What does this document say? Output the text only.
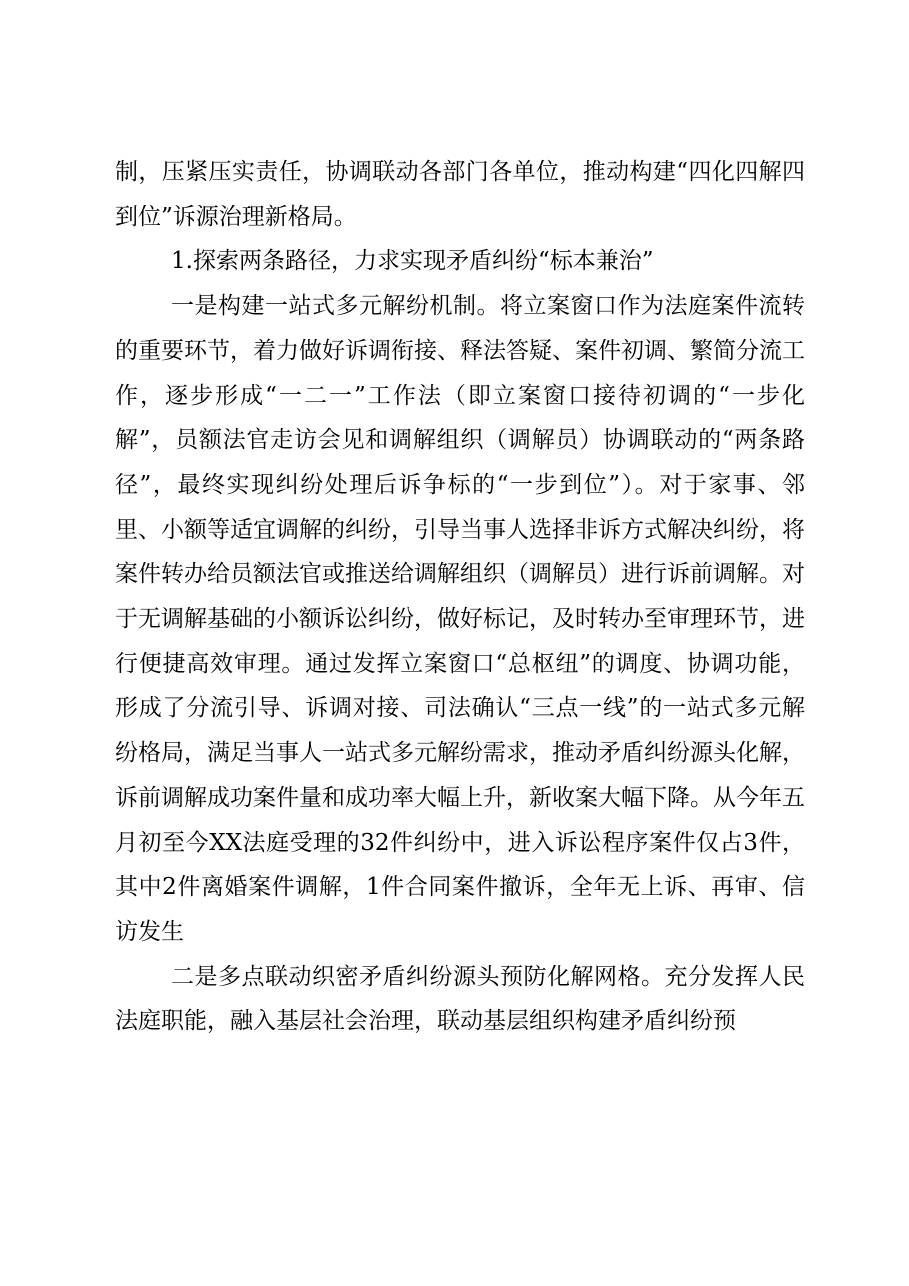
制，压紧压实责任，协调联动各部门各单位，推动构建“四化四解四到位”诉源治理新格局。

1.探索两条路径，力求实现矛盾纠纷“标本兼治”

一是构建一站式多元解纷机制。将立案窗口作为法庭案件流转的重要环节，着力做好诉调衔接、释法答疑、案件初调、繁简分流工作，逐步形成“一二一”工作法（即立案窗口接待初调的“一步化解”，员额法官走访会见和调解组织（调解员）协调联动的“两条路径”，最终实现纠纷处理后诉争标的“一步到位”）。对于家事、邻里、小额等适宜调解的纠纷，引导当事人选择非诉方式解决纠纷，将案件转办给员额法官或推送给调解组织（调解员）进行诉前调解。对于无调解基础的小额诉讼纠纷，做好标记，及时转办至审理环节，进行便捷高效审理。通过发挥立案窗口“总枢纽”的调度、协调功能，形成了分流引导、诉调对接、司法确认“三点一线”的一站式多元解纷格局，满足当事人一站式多元解纷需求，推动矛盾纠纷源头化解，诉前调解成功案件量和成功率大幅上升，新收案大幅下降。从今年五月初至今XX法庭受理的32件纠纷中，进入诉讼程序案件仅占3件，其中2件离婚案件调解，1件合同案件撤诉，全年无上诉、再审、信访发生

二是多点联动织密矛盾纠纷源头预防化解网格。充分发挥人民法庭职能，融入基层社会治理，联动基层组织构建矛盾纠纷预
